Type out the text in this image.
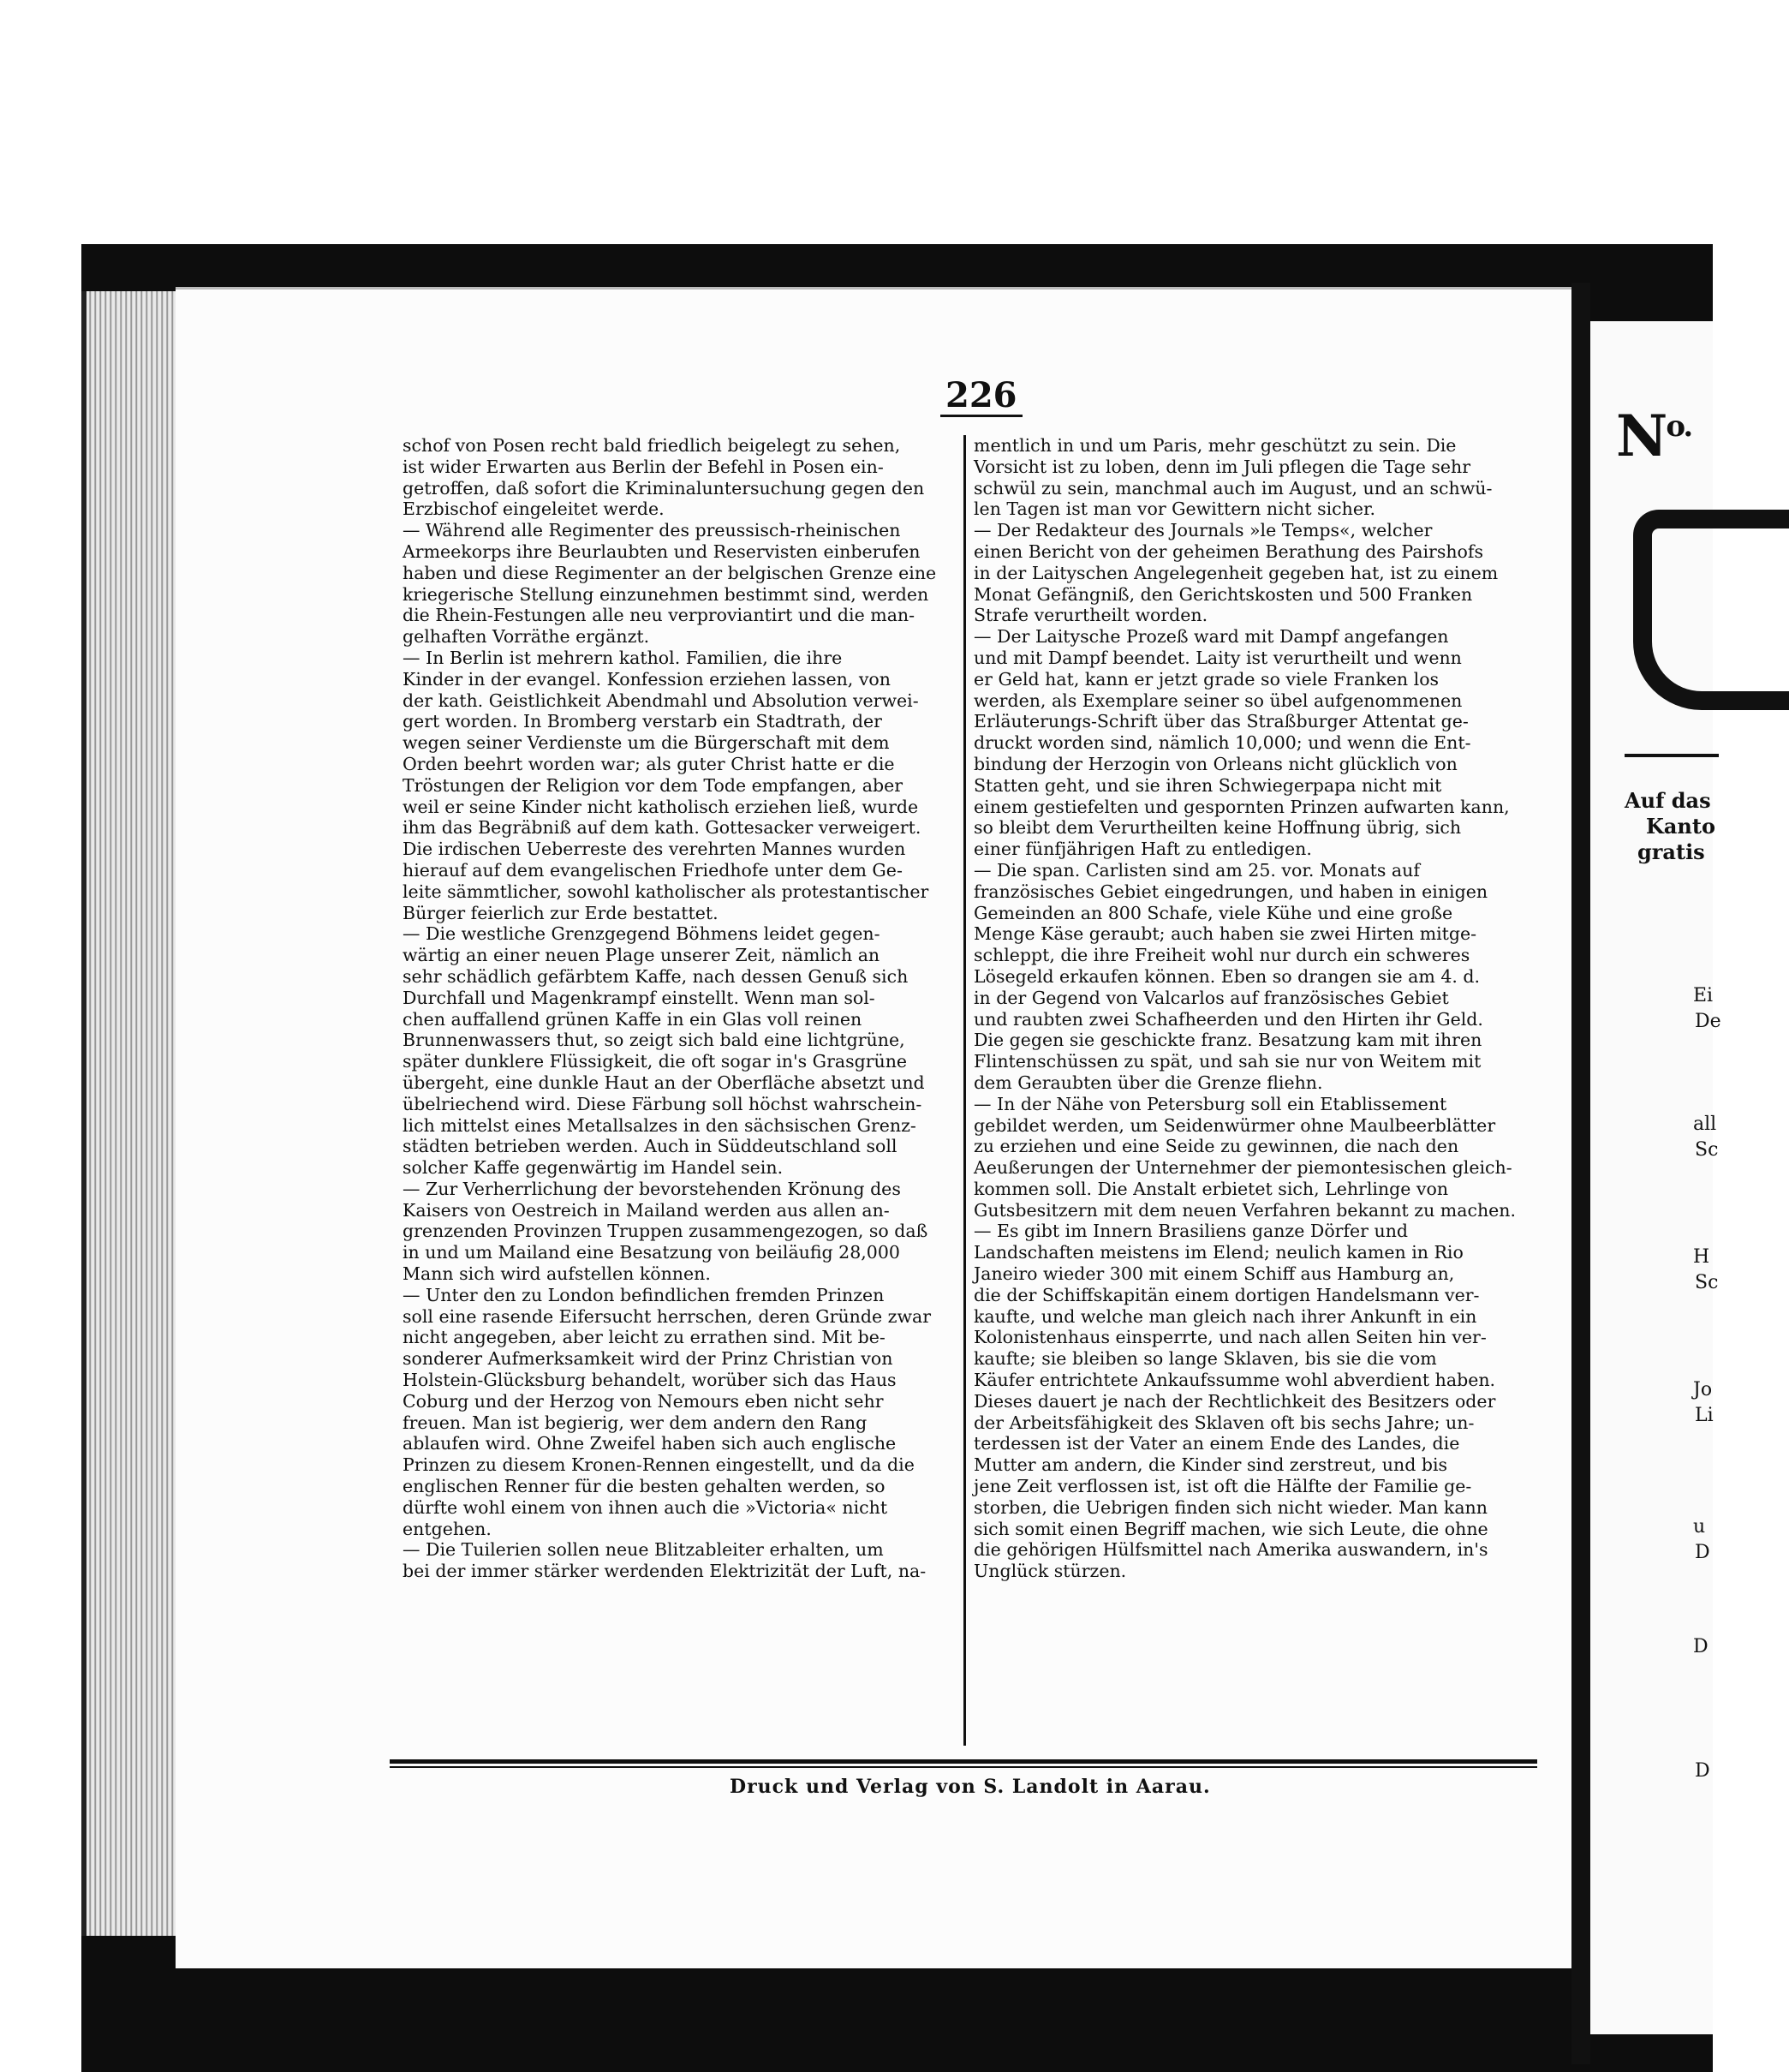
226
schof von Posen recht bald friedlich beigelegt zu sehen,
ist wider Erwarten aus Berlin der Befehl in Posen ein-
getroffen, daß sofort die Kriminaluntersuchung gegen den
Erzbischof eingeleitet werde.
— Während alle Regimenter des preussisch-rheinischen
Armeekorps ihre Beurlaubten und Reservisten einberufen
haben und diese Regimenter an der belgischen Grenze eine
kriegerische Stellung einzunehmen bestimmt sind, werden
die Rhein-Festungen alle neu verproviantirt und die man-
gelhaften Vorräthe ergänzt.
— In Berlin ist mehrern kathol. Familien, die ihre
Kinder in der evangel. Konfession erziehen lassen, von
der kath. Geistlichkeit Abendmahl und Absolution verwei-
gert worden. In Bromberg verstarb ein Stadtrath, der
wegen seiner Verdienste um die Bürgerschaft mit dem
Orden beehrt worden war; als guter Christ hatte er die
Tröstungen der Religion vor dem Tode empfangen, aber
weil er seine Kinder nicht katholisch erziehen ließ, wurde
ihm das Begräbniß auf dem kath. Gottesacker verweigert.
Die irdischen Ueberreste des verehrten Mannes wurden
hierauf auf dem evangelischen Friedhofe unter dem Ge-
leite sämmtlicher, sowohl katholischer als protestantischer
Bürger feierlich zur Erde bestattet.
— Die westliche Grenzgegend Böhmens leidet gegen-
wärtig an einer neuen Plage unserer Zeit, nämlich an
sehr schädlich gefärbtem Kaffe, nach dessen Genuß sich
Durchfall und Magenkrampf einstellt. Wenn man sol-
chen auffallend grünen Kaffe in ein Glas voll reinen
Brunnenwassers thut, so zeigt sich bald eine lichtgrüne,
später dunklere Flüssigkeit, die oft sogar in's Grasgrüne
übergeht, eine dunkle Haut an der Oberfläche absetzt und
übelriechend wird. Diese Färbung soll höchst wahrschein-
lich mittelst eines Metallsalzes in den sächsischen Grenz-
städten betrieben werden. Auch in Süddeutschland soll
solcher Kaffe gegenwärtig im Handel sein.
— Zur Verherrlichung der bevorstehenden Krönung des
Kaisers von Oestreich in Mailand werden aus allen an-
grenzenden Provinzen Truppen zusammengezogen, so daß
in und um Mailand eine Besatzung von beiläufig 28,000
Mann sich wird aufstellen können.
— Unter den zu London befindlichen fremden Prinzen
soll eine rasende Eifersucht herrschen, deren Gründe zwar
nicht angegeben, aber leicht zu errathen sind. Mit be-
sonderer Aufmerksamkeit wird der Prinz Christian von
Holstein-Glücksburg behandelt, worüber sich das Haus
Coburg und der Herzog von Nemours eben nicht sehr
freuen. Man ist begierig, wer dem andern den Rang
ablaufen wird. Ohne Zweifel haben sich auch englische
Prinzen zu diesem Kronen-Rennen eingestellt, und da die
englischen Renner für die besten gehalten werden, so
dürfte wohl einem von ihnen auch die »Victoria« nicht
entgehen.
— Die Tuilerien sollen neue Blitzableiter erhalten, um
bei der immer stärker werdenden Elektrizität der Luft, na-
mentlich in und um Paris, mehr geschützt zu sein. Die
Vorsicht ist zu loben, denn im Juli pflegen die Tage sehr
schwül zu sein, manchmal auch im August, und an schwü-
len Tagen ist man vor Gewittern nicht sicher.
— Der Redakteur des Journals »le Temps«, welcher
einen Bericht von der geheimen Berathung des Pairshofs
in der Laityschen Angelegenheit gegeben hat, ist zu einem
Monat Gefängniß, den Gerichtskosten und 500 Franken
Strafe verurtheilt worden.
— Der Laitysche Prozeß ward mit Dampf angefangen
und mit Dampf beendet. Laity ist verurtheilt und wenn
er Geld hat, kann er jetzt grade so viele Franken los
werden, als Exemplare seiner so übel aufgenommenen
Erläuterungs-Schrift über das Straßburger Attentat ge-
druckt worden sind, nämlich 10,000; und wenn die Ent-
bindung der Herzogin von Orleans nicht glücklich von
Statten geht, und sie ihren Schwiegerpapa nicht mit
einem gestiefelten und gespornten Prinzen aufwarten kann,
so bleibt dem Verurtheilten keine Hoffnung übrig, sich
einer fünfjährigen Haft zu entledigen.
— Die span. Carlisten sind am 25. vor. Monats auf
französisches Gebiet eingedrungen, und haben in einigen
Gemeinden an 800 Schafe, viele Kühe und eine große
Menge Käse geraubt; auch haben sie zwei Hirten mitge-
schleppt, die ihre Freiheit wohl nur durch ein schweres
Lösegeld erkaufen können. Eben so drangen sie am 4. d.
in der Gegend von Valcarlos auf französisches Gebiet
und raubten zwei Schafheerden und den Hirten ihr Geld.
Die gegen sie geschickte franz. Besatzung kam mit ihren
Flintenschüssen zu spät, und sah sie nur von Weitem mit
dem Geraubten über die Grenze fliehn.
— In der Nähe von Petersburg soll ein Etablissement
gebildet werden, um Seidenwürmer ohne Maulbeerblätter
zu erziehen und eine Seide zu gewinnen, die nach den
Aeußerungen der Unternehmer der piemontesischen gleich-
kommen soll. Die Anstalt erbietet sich, Lehrlinge von
Gutsbesitzern mit dem neuen Verfahren bekannt zu machen.
— Es gibt im Innern Brasiliens ganze Dörfer und
Landschaften meistens im Elend; neulich kamen in Rio
Janeiro wieder 300 mit einem Schiff aus Hamburg an,
die der Schiffskapitän einem dortigen Handelsmann ver-
kaufte, und welche man gleich nach ihrer Ankunft in ein
Kolonistenhaus einsperrte, und nach allen Seiten hin ver-
kaufte; sie bleiben so lange Sklaven, bis sie die vom
Käufer entrichtete Ankaufssumme wohl abverdient haben.
Dieses dauert je nach der Rechtlichkeit des Besitzers oder
der Arbeitsfähigkeit des Sklaven oft bis sechs Jahre; un-
terdessen ist der Vater an einem Ende des Landes, die
Mutter am andern, die Kinder sind zerstreut, und bis
jene Zeit verflossen ist, ist oft die Hälfte der Familie ge-
storben, die Uebrigen finden sich nicht wieder. Man kann
sich somit einen Begriff machen, wie sich Leute, die ohne
die gehörigen Hülfsmittel nach Amerika auswandern, in's
Unglück stürzen.
Druck und Verlag von S. Landolt in Aarau.
$N^{o.}$
Auf das
Kanto
gratis
Ei
De
all
Sc
H
Sc
Jo
Li
u
D
D
D
